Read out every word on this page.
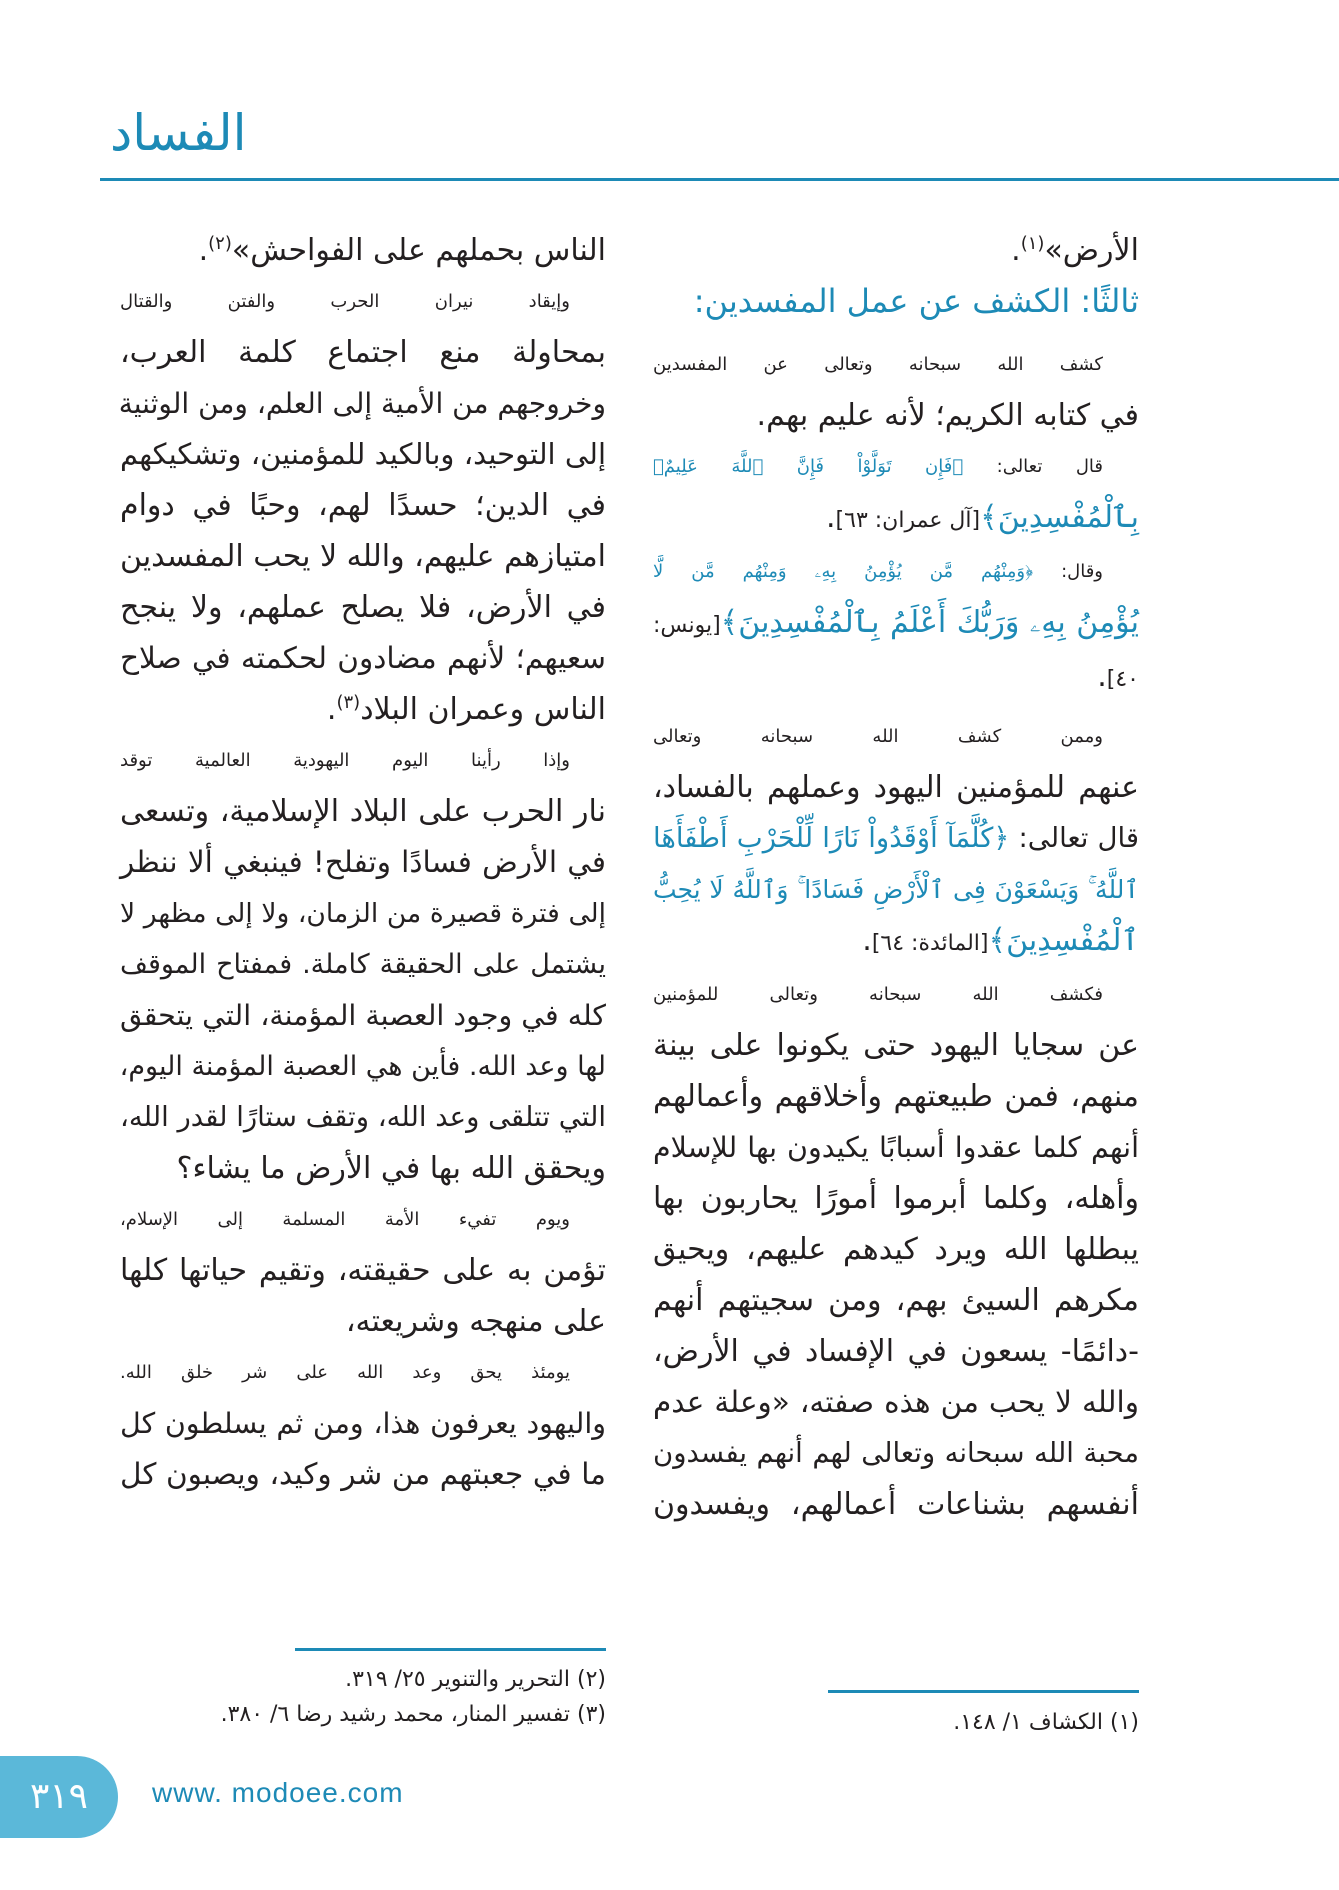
الفساد
الأرض»$^{(١)}$.
ثالثًا: الكشف عن عمل المفسدين:
كشف الله سبحانه وتعالى عن المفسدين
في كتابه الكريم؛ لأنه عليم بهم.
قال تعالى: ﴿فَإِن تَوَلَّوْاْ فَإِنَّ ٱللَّهَ عَلِيمٌۢ
بِٱلْمُفْسِدِينَ﴾[آل عمران: ٦٣].
وقال: ﴿وَمِنْهُم مَّن يُؤْمِنُ بِهِۦ وَمِنْهُم مَّن لَّا
يُؤْمِنُ بِهِۦ وَرَبُّكَ أَعْلَمُ بِٱلْمُفْسِدِينَ﴾[يونس:
٤٠].
وممن كشف الله سبحانه وتعالى
عنهم للمؤمنين اليهود وعملهم بالفساد،
قال تعالى: ﴿كُلَّمَآ أَوْقَدُواْ نَارًا لِّلْحَرْبِ أَطْفَأَهَا
ٱللَّهُ ۚ وَيَسْعَوْنَ فِى ٱلْأَرْضِ فَسَادًا ۚ وَٱللَّهُ لَا يُحِبُّ
ٱلْمُفْسِدِينَ﴾[المائدة: ٦٤].
فكشف الله سبحانه وتعالى للمؤمنين
عن سجايا اليهود حتى يكونوا على بينة
منهم، فمن طبيعتهم وأخلاقهم وأعمالهم
أنهم كلما عقدوا أسبابًا يكيدون بها للإسلام
وأهله، وكلما أبرموا أمورًا يحاربون بها
يبطلها الله ويرد كيدهم عليهم، ويحيق
مكرهم السيئ بهم، ومن سجيتهم أنهم
-دائمًا- يسعون في الإفساد في الأرض،
والله لا يحب من هذه صفته، «وعلة عدم
محبة الله سبحانه وتعالى لهم أنهم يفسدون
أنفسهم بشناعات أعمالهم، ويفسدون
الناس بحملهم على الفواحش»$^{(٢)}$.
وإيقاد نيران الحرب والفتن والقتال
بمحاولة منع اجتماع كلمة العرب،
وخروجهم من الأمية إلى العلم، ومن الوثنية
إلى التوحيد، وبالكيد للمؤمنين، وتشكيكهم
في الدين؛ حسدًا لهم، وحبًا في دوام
امتيازهم عليهم، والله لا يحب المفسدين
في الأرض، فلا يصلح عملهم، ولا ينجح
سعيهم؛ لأنهم مضادون لحكمته في صلاح
الناس وعمران البلاد$^{(٣)}$.
وإذا رأينا اليوم اليهودية العالمية توقد
نار الحرب على البلاد الإسلامية، وتسعى
في الأرض فسادًا وتفلح! فينبغي ألا ننظر
إلى فترة قصيرة من الزمان، ولا إلى مظهر لا
يشتمل على الحقيقة كاملة. فمفتاح الموقف
كله في وجود العصبة المؤمنة، التي يتحقق
لها وعد الله. فأين هي العصبة المؤمنة اليوم،
التي تتلقى وعد الله، وتقف ستارًا لقدر الله،
ويحقق الله بها في الأرض ما يشاء؟
ويوم تفيء الأمة المسلمة إلى الإسلام،
تؤمن به على حقيقته، وتقيم حياتها كلها
على منهجه وشريعته،
يومئذ يحق وعد الله على شر خلق الله.
واليهود يعرفون هذا، ومن ثم يسلطون كل
ما في جعبتهم من شر وكيد، ويصبون كل
(٢) التحرير والتنوير ٢٥/ ٣١٩.
(٣) تفسير المنار، محمد رشيد رضا ٦/ ٣٨٠.	(١) الكشاف ١/ ١٤٨.
٣١٩	www. modoee.com
